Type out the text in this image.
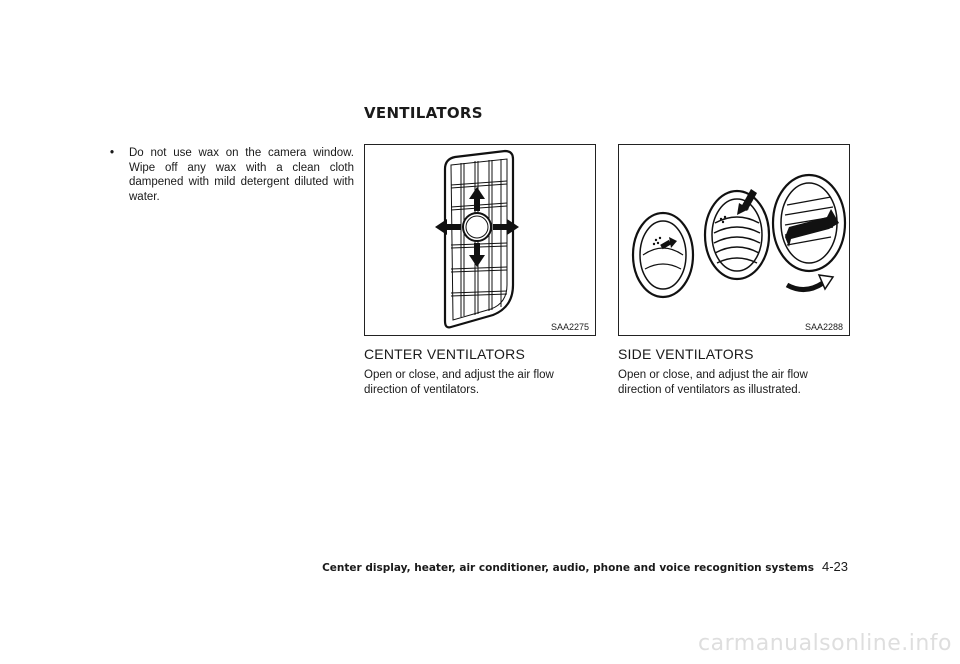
VENTILATORS
• Do not use wax on the camera window. Wipe off any wax with a clean cloth dampened with mild detergent diluted with water.
SAA2275	SAA2288
CENTER VENTILATORS
Open or close, and adjust the air flow direction of ventilators.
SIDE VENTILATORS
Open or close, and adjust the air flow direction of ventilators as illustrated.
Center display, heater, air conditioner, audio, phone and voice recognition systems 4-23
carmanualsonline.info
